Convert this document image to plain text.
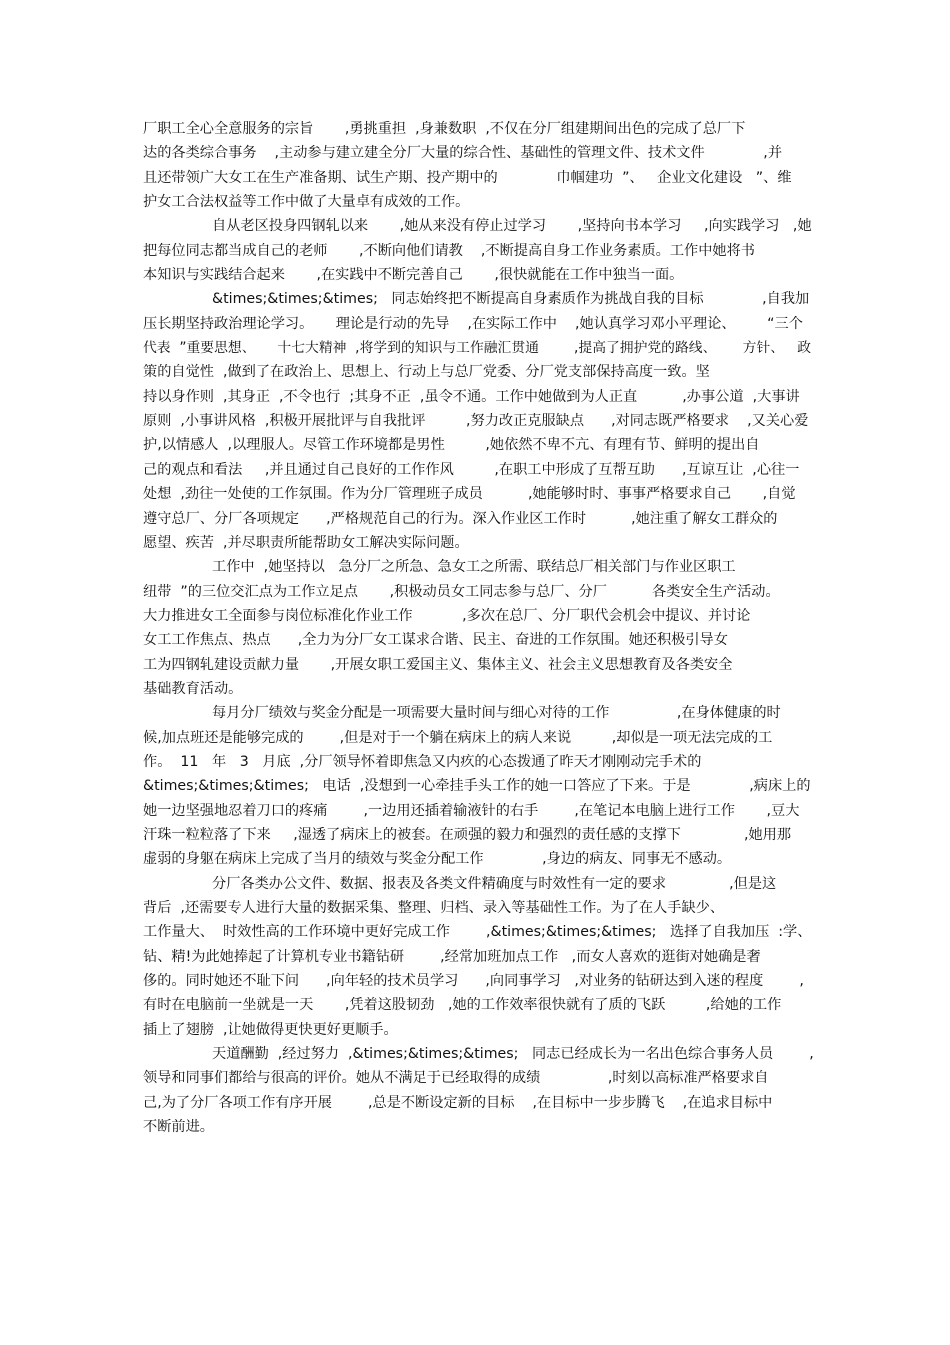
厂职工全心全意服务的宗旨       ,勇挑重担  ,身兼数职  ,不仅在分厂组建期间出色的完成了总厂下
达的各类综合事务    ,主动参与建立建全分厂大量的综合性、基础性的管理文件、技术文件             ,并
且还带领广大女工在生产准备期、试生产期、投产期中的             巾帼建功  ”、   企业文化建设   ”、维
护女工合法权益等工作中做了大量卓有成效的工作。
自从老区投身四钢轧以来       ,她从来没有停止过学习       ,坚持向书本学习     ,向实践学习   ,她
把每位同志都当成自己的老师       ,不断向他们请教    ,不断提高自身工作业务素质。工作中她将书
本知识与实践结合起来       ,在实践中不断完善自己       ,很快就能在工作中独当一面。
&times;&times;&times;   同志始终把不断提高自身素质作为挑战自我的目标             ,自我加
压长期坚持政治理论学习。     理论是行动的先导    ,在实际工作中    ,她认真学习邓小平理论、       “三个
代表  ”重要思想、     十七大精神  ,将学到的知识与工作融汇贯通        ,提高了拥护党的路线、      方针、   政
策的自觉性  ,做到了在政治上、思想上、行动上与总厂党委、分厂党支部保持高度一致。坚
持以身作则  ,其身正  ,不令也行  ;其身不正  ,虽令不通。工作中她做到为人正直          ,办事公道  ,大事讲
原则  ,小事讲风格  ,积极开展批评与自我批评         ,努力改正克服缺点      ,对同志既严格要求    ,又关心爱
护,以情感人  ,以理服人。尽管工作环境都是男性         ,她依然不卑不亢、有理有节、鲜明的提出自
己的观点和看法     ,并且通过自己良好的工作作风         ,在职工中形成了互帮互助      ,互谅互让  ,心往一
处想  ,劲往一处使的工作氛围。作为分厂管理班子成员          ,她能够时时、事事严格要求自己       ,自觉
遵守总厂、分厂各项规定      ,严格规范自己的行为。深入作业区工作时          ,她注重了解女工群众的
愿望、疾苦  ,并尽职责所能帮助女工解决实际问题。
工作中  ,她坚持以   急分厂之所急、急女工之所需、联结总厂相关部门与作业区职工
纽带  ”的三位交汇点为工作立足点       ,积极动员女工同志参与总厂、分厂          各类安全生产活动。
大力推进女工全面参与岗位标准化作业工作           ,多次在总厂、分厂职代会机会中提议、并讨论
女工工作焦点、热点      ,全力为分厂女工谋求合谐、民主、奋进的工作氛围。她还积极引导女
工为四钢轧建设贡献力量       ,开展女职工爱国主义、集体主义、社会主义思想教育及各类安全
基础教育活动。
每月分厂绩效与奖金分配是一项需要大量时间与细心对待的工作               ,在身体健康的时
候,加点班还是能够完成的        ,但是对于一个躺在病床上的病人来说         ,却似是一项无法完成的工
作。  11   年   3   月底  ,分厂领导怀着即焦急又内疚的心态拨通了昨天才刚刚动完手术的
&times;&times;&times;   电话  ,没想到一心牵挂手头工作的她一口答应了下来。于是             ,病床上的
她一边坚强地忍着刀口的疼痛        ,一边用还插着输液针的右手        ,在笔记本电脑上进行工作       ,豆大
汗珠一粒粒落了下来     ,湿透了病床上的被套。在顽强的毅力和强烈的责任感的支撑下              ,她用那
虚弱的身躯在病床上完成了当月的绩效与奖金分配工作             ,身边的病友、同事无不感动。
分厂各类办公文件、数据、报表及各类文件精确度与时效性有一定的要求              ,但是这
背后  ,还需要专人进行大量的数据采集、整理、归档、录入等基础性工作。为了在人手缺少、
工作量大、  时效性高的工作环境中更好完成工作        ,&times;&times;&times;   选择了自我加压  :学、
钻、精!为此她捧起了计算机专业书籍钻研        ,经常加班加点工作   ,而女人喜欢的逛街对她确是奢
侈的。同时她还不耻下问      ,向年轻的技术员学习      ,向同事学习   ,对业务的钻研达到入迷的程度        ,
有时在电脑前一坐就是一天       ,凭着这股韧劲   ,她的工作效率很快就有了质的飞跃         ,给她的工作
插上了翅膀  ,让她做得更快更好更顺手。
天道酬勤  ,经过努力  ,&times;&times;&times;   同志已经成长为一名出色综合事务人员        ,
领导和同事们都给与很高的评价。她从不满足于已经取得的成绩               ,时刻以高标准严格要求自
己,为了分厂各项工作有序开展        ,总是不断设定新的目标    ,在目标中一步步腾飞    ,在追求目标中
不断前进。
